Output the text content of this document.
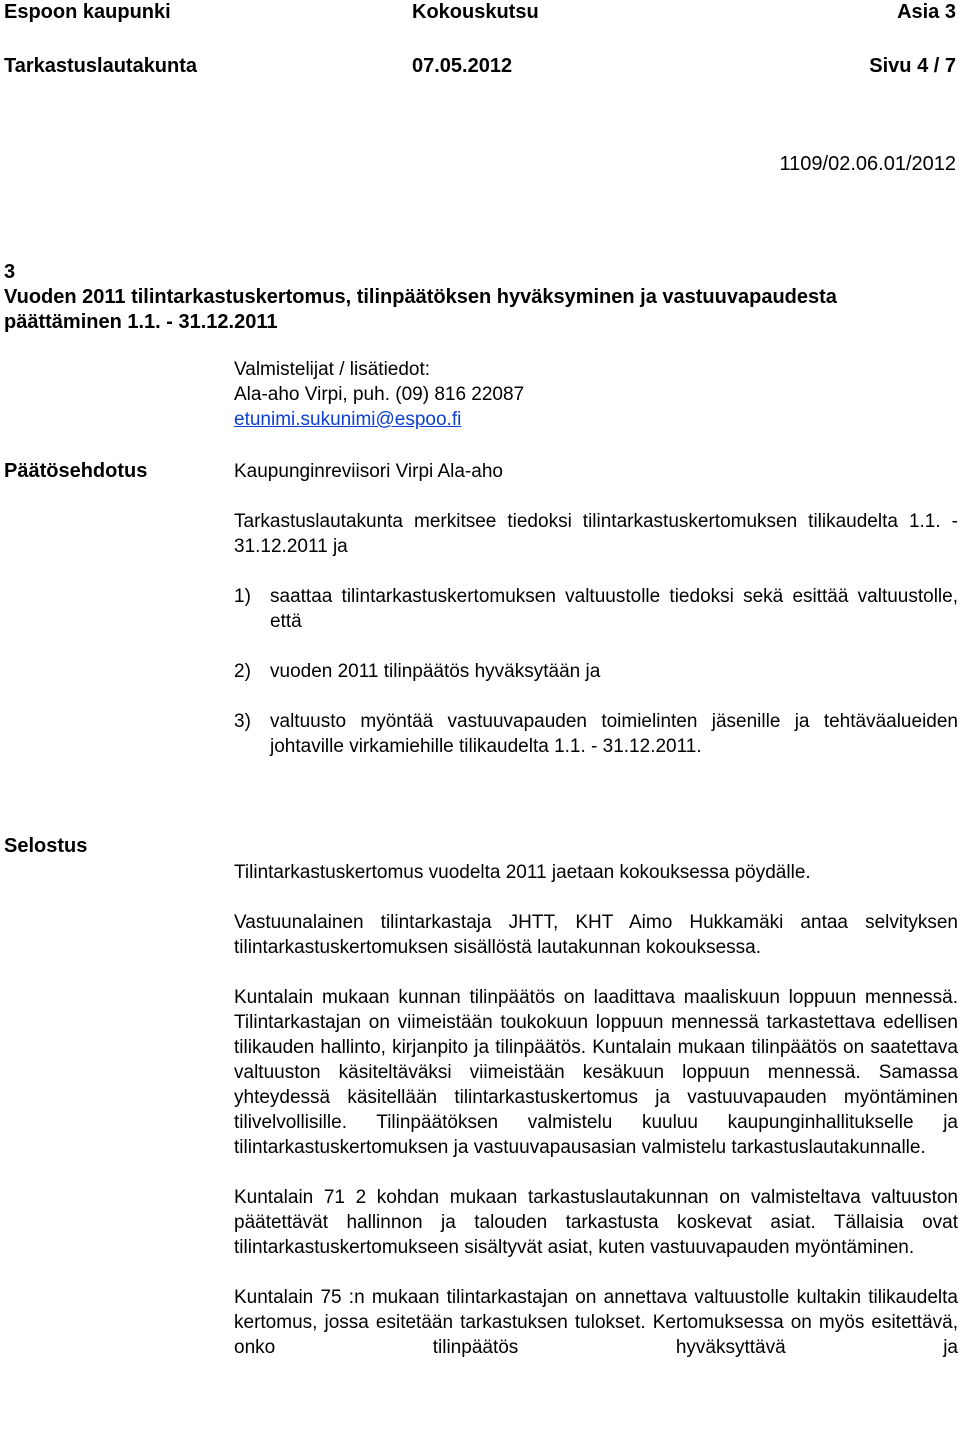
Espoon kaupunki	Kokouskutsu	Asia 3
Tarkastuslautakunta	07.05.2012	Sivu 4 / 7
1109/02.06.01/2012
3
Vuoden 2011 tilintarkastuskertomus, tilinpäätöksen hyväksyminen ja vastuuvapaudesta
päättäminen 1.1. - 31.12.2011
Valmistelijat / lisätiedot:
Ala-aho Virpi, puh. (09) 816 22087
etunimi.sukunimi@espoo.fi
Päätösehdotus	Kaupunginreviisori Virpi Ala-aho

Tarkastuslautakunta merkitsee tiedoksi tilintarkastuskertomuksen tilikaudelta 1.1. - 31.12.2011 ja

1) saattaa tilintarkastuskertomuksen valtuustolle tiedoksi sekä esittää valtuustolle, että
2) vuoden 2011 tilinpäätös hyväksytään ja
3) valtuusto myöntää vastuuvapauden toimielinten jäsenille ja tehtäväalueiden johtaville virkamiehille tilikaudelta 1.1. - 31.12.2011.
Selostus

Tilintarkastuskertomus vuodelta 2011 jaetaan kokouksessa pöydälle.

Vastuunalainen tilintarkastaja JHTT, KHT Aimo Hukkamäki antaa selvityksen tilintarkastuskertomuksen sisällöstä lautakunnan kokouksessa.

Kuntalain mukaan kunnan tilinpäätös on laadittava maaliskuun loppuun mennessä. Tilintarkastajan on viimeistään toukokuun loppuun mennessä tarkastettava edellisen tilikauden hallinto, kirjanpito ja tilinpäätös. Kuntalain mukaan tilinpäätös on saatettava valtuuston käsiteltäväksi viimeistään kesäkuun loppuun mennessä. Samassa yhteydessä käsitellään tilintarkastuskertomus ja vastuuvapauden myöntäminen tilivelvollisille. Tilinpäätöksen valmistelu kuuluu kaupunginhallitukselle ja tilintarkastuskertomuksen ja vastuuvapausasian valmistelu tarkastuslautakunnalle.

Kuntalain 71 2 kohdan mukaan tarkastuslautakunnan on valmisteltava valtuuston päätettävät hallinnon ja talouden tarkastusta koskevat asiat. Tällaisia ovat tilintarkastuskertomukseen sisältyvät asiat, kuten vastuuvapauden myöntäminen.

Kuntalain 75 :n mukaan tilintarkastajan on annettava valtuustolle kultakin tilikaudelta kertomus, jossa esitetään tarkastuksen tulokset. Kertomuksessa on myös esitettävä, onko tilinpäätös hyväksyttävä ja
